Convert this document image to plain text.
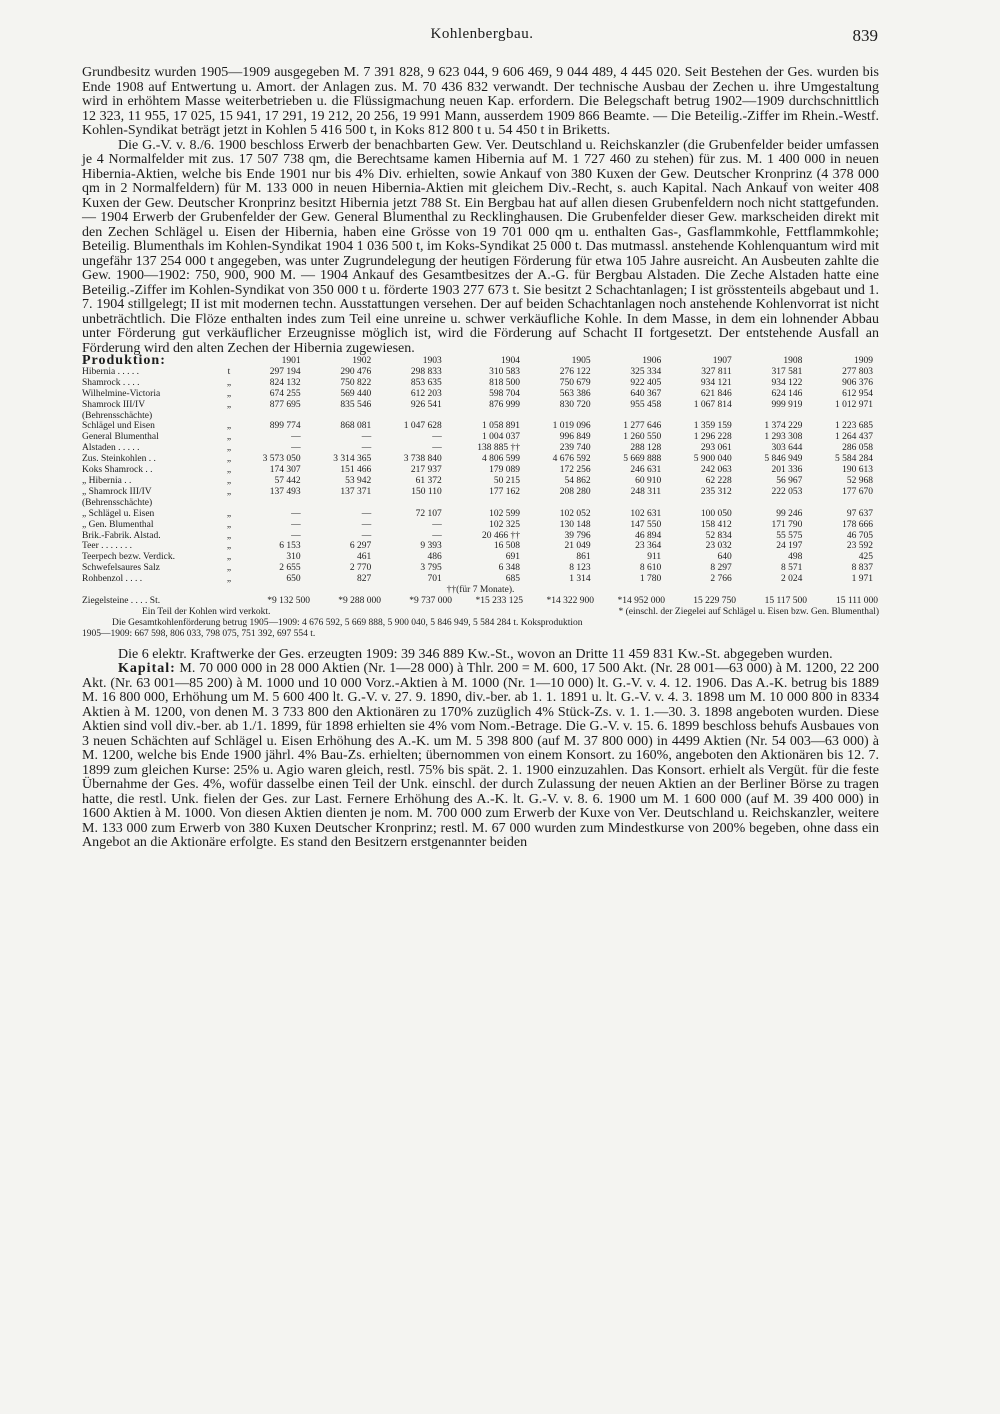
Kohlenbergbau.	839

Grundbesitz wurden 1905—1909 ausgegeben M. 7 391 828, 9 623 044, 9 606 469, 9 044 489, 4 445 020. Seit Bestehen der Ges. wurden bis Ende 1908 auf Entwertung u. Amort. der Anlagen zus. M. 70 436 832 verwandt. Der technische Ausbau der Zechen u. ihre Umgestaltung wird in erhöhtem Masse weiterbetrieben u. die Flüssigmachung neuen Kap. erfordern. Die Belegschaft betrug 1902—1909 durchschnittlich 12 323, 11 955, 17 025, 15 941, 17 291, 19 212, 20 256, 19 991 Mann, ausserdem 1909 866 Beamte. — Die Beteilig.-Ziffer im Rhein.-Westf. Kohlen-Syndikat beträgt jetzt in Kohlen 5 416 500 t, in Koks 812 800 t u. 54 450 t in Briketts.

Die G.-V. v. 8./6. 1900 beschloss Erwerb der benachbarten Gew. Ver. Deutschland u. Reichskanzler (die Grubenfelder beider umfassen je 4 Normalfelder mit zus. 17 507 738 qm, die Berechtsame kamen Hibernia auf M. 1 727 460 zu stehen) für zus. M. 1 400 000 in neuen Hibernia-Aktien, welche bis Ende 1901 nur bis 4% Div. erhielten, sowie Ankauf von 380 Kuxen der Gew. Deutscher Kronprinz (4 378 000 qm in 2 Normalfeldern) für M. 133 000 in neuen Hibernia-Aktien mit gleichem Div.-Recht, s. auch Kapital. Nach Ankauf von weiter 408 Kuxen der Gew. Deutscher Kronprinz besitzt Hibernia jetzt 788 St. Ein Bergbau hat auf allen diesen Grubenfeldern noch nicht stattgefunden. — 1904 Erwerb der Grubenfelder der Gew. General Blumenthal zu Recklinghausen. Die Grubenfelder dieser Gew. markscheiden direkt mit den Zechen Schlägel u. Eisen der Hibernia, haben eine Grösse von 19 701 000 qm u. enthalten Gas-, Gasflammkohle, Fettflammkohle; Beteilig. Blumenthals im Kohlen-Syndikat 1904 1 036 500 t, im Koks-Syndikat 25 000 t. Das mutmassl. anstehende Kohlenquantum wird mit ungefähr 137 254 000 t angegeben, was unter Zugrundelegung der heutigen Förderung für etwa 105 Jahre ausreicht. An Ausbeuten zahlte die Gew. 1900—1902: 750, 900, 900 M. — 1904 Ankauf des Gesamtbesitzes der A.-G. für Bergbau Alstaden. Die Zeche Alstaden hatte eine Beteilig.-Ziffer im Kohlen-Syndikat von 350 000 t u. förderte 1903 277 673 t. Sie besitzt 2 Schachtanlagen; I ist grösstenteils abgebaut und 1. 7. 1904 stillgelegt; II ist mit modernen techn. Ausstattungen versehen. Der auf beiden Schachtanlagen noch anstehende Kohlenvorrat ist nicht unbeträchtlich. Die Flöze enthalten indes zum Teil eine unreine u. schwer verkäufliche Kohle. In dem Masse, in dem ein lohnender Abbau unter Förderung gut verkäuflicher Erzeugnisse möglich ist, wird die Förderung auf Schacht II fortgesetzt. Der entstehende Ausfall an Förderung wird den alten Zechen der Hibernia zugewiesen.

Produktion:		1901	1902	1903	1904	1905	1906	1907	1908	1909
Hibernia . . . . .	t	297 194	290 476	298 833	310 583	276 122	325 334	327 811	317 581	277 803
Shamrock . . . .	„	824 132	750 822	853 635	818 500	750 679	922 405	934 121	934 122	906 376
Wilhelmine-Victoria	„	674 255	569 440	612 203	598 704	563 386	640 367	621 846	624 146	612 954
Shamrock III/IV	„	877 695	835 546	926 541	876 999	830 720	955 458	1 067 814	999 919	1 012 971
(Behrensschächte)										
Schlägel und Eisen	„	899 774	868 081	1 047 628	1 058 891	1 019 096	1 277 646	1 359 159	1 374 229	1 223 685
General Blumenthal	„	—	—	—	1 004 037	996 849	1 260 550	1 296 228	1 293 308	1 264 437
Alstaden . . . . .	„	—	—	—	138 885 ††	239 740	288 128	293 061	303 644	286 058
Zus. Steinkohlen . .	„	3 573 050	3 314 365	3 738 840	4 806 599	4 676 592	5 669 888	5 900 040	5 846 949	5 584 284
Koks Shamrock . .	„	174 307	151 466	217 937	179 089	172 256	246 631	242 063	201 336	190 613
„ Hibernia . .	„	57 442	53 942	61 372	50 215	54 862	60 910	62 228	56 967	52 968
„ Shamrock III/IV	„	137 493	137 371	150 110	177 162	208 280	248 311	235 312	222 053	177 670
(Behrensschächte)										
„ Schlägel u. Eisen	„	—	—	72 107	102 599	102 052	102 631	100 050	99 246	97 637
„ Gen. Blumenthal	„	—	—	—	102 325	130 148	147 550	158 412	171 790	178 666
Brik.-Fabrik. Alstad.	„	—	—	—	20 466 ††	39 796	46 894	52 834	55 575	46 705
Teer . . . . . . .	„	6 153	6 297	9 393	16 508	21 049	23 364	23 032	24 197	23 592
Teerpech bezw. Verdick.	„	310	461	486	691	861	911	640	498	425
Schwefelsaures Salz	„	2 655	2 770	3 795	6 348	8 123	8 610	8 297	8 571	8 837
Rohbenzol . . . .	„	650	827	701	685	1 314	1 780	2 766	2 024	1 971
††(für 7 Monate).
Ziegelsteine . . . . St.	*9 132 500	*9 288 000	*9 737 000	*15 233 125	*14 322 900	*14 952 000	15 229 750	15 117 500	15 111 000
Ein Teil der Kohlen wird verkokt.	* (einschl. der Ziegelei auf Schlägel u. Eisen bzw. Gen. Blumenthal)
Die Gesamtkohlenförderung betrug 1905—1909: 4 676 592, 5 669 888, 5 900 040, 5 846 949, 5 584 284 t. Koksproduktion
1905—1909: 667 598, 806 033, 798 075, 751 392, 697 554 t.

Die 6 elektr. Kraftwerke der Ges. erzeugten 1909: 39 346 889 Kw.-St., wovon an Dritte 11 459 831 Kw.-St. abgegeben wurden.

Kapital: M. 70 000 000 in 28 000 Aktien (Nr. 1—28 000) à Thlr. 200 = M. 600, 17 500 Akt. (Nr. 28 001—63 000) à M. 1200, 22 200 Akt. (Nr. 63 001—85 200) à M. 1000 und 10 000 Vorz.-Aktien à M. 1000 (Nr. 1—10 000) lt. G.-V. v. 4. 12. 1906. Das A.-K. betrug bis 1889 M. 16 800 000, Erhöhung um M. 5 600 400 lt. G.-V. v. 27. 9. 1890, div.-ber. ab 1. 1. 1891 u. lt. G.-V. v. 4. 3. 1898 um M. 10 000 800 in 8334 Aktien à M. 1200, von denen M. 3 733 800 den Aktionären zu 170% zuzüglich 4% Stück-Zs. v. 1. 1.—30. 3. 1898 angeboten wurden. Diese Aktien sind voll div.-ber. ab 1./1. 1899, für 1898 erhielten sie 4% vom Nom.-Betrage. Die G.-V. v. 15. 6. 1899 beschloss behufs Ausbaues von 3 neuen Schächten auf Schlägel u. Eisen Erhöhung des A.-K. um M. 5 398 800 (auf M. 37 800 000) in 4499 Aktien (Nr. 54 003—63 000) à M. 1200, welche bis Ende 1900 jährl. 4% Bau-Zs. erhielten; übernommen von einem Konsort. zu 160%, angeboten den Aktionären bis 12. 7. 1899 zum gleichen Kurse: 25% u. Agio waren gleich, restl. 75% bis spät. 2. 1. 1900 einzuzahlen. Das Konsort. erhielt als Vergüt. für die feste Übernahme der Ges. 4%, wofür dasselbe einen Teil der Unk. einschl. der durch Zulassung der neuen Aktien an der Berliner Börse zu tragen hatte, die restl. Unk. fielen der Ges. zur Last. Fernere Erhöhung des A.-K. lt. G.-V. v. 8. 6. 1900 um M. 1 600 000 (auf M. 39 400 000) in 1600 Aktien à M. 1000. Von diesen Aktien dienten je nom. M. 700 000 zum Erwerb der Kuxe von Ver. Deutschland u. Reichskanzler, weitere M. 133 000 zum Erwerb von 380 Kuxen Deutscher Kronprinz; restl. M. 67 000 wurden zum Mindestkurse von 200% begeben, ohne dass ein Angebot an die Aktionäre erfolgte. Es stand den Besitzern erstgenannter beiden
